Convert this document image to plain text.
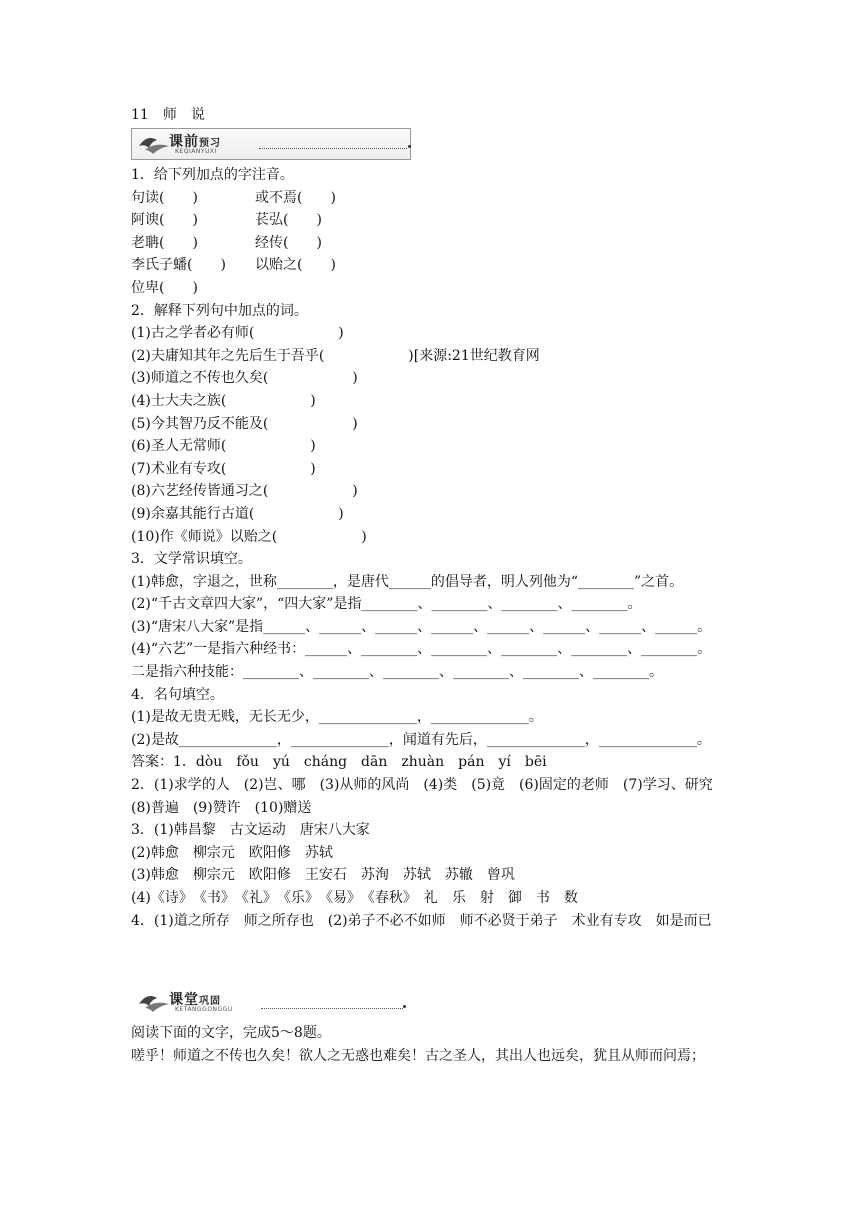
11　师　说
课前预习
KEQIANYUXI
1．给下列加点的字注音。
句读(　　)	或不焉(　　)
阿谀(　　)	苌弘(　　)
老聃(　　)	经传(　　)
李氏子蟠(　　) 以贻之(　　)
位卑(　　)
2．解释下列句中加点的词。
(1)古之学者必有师(　　　　　　)
(2)夫庸知其年之先后生于吾乎(　　　　　　)[来源:21世纪教育网
(3)师道之不传也久矣(　　　　　　)
(4)士大夫之族(　　　　　　)
(5)今其智乃反不能及(　　　　　　)
(6)圣人无常师(　　　　　　)
(7)术业有专攻(　　　　　　)
(8)六艺经传皆通习之(　　　　　　)
(9)余嘉其能行古道(　　　　　　)
(10)作《师说》以贻之(　　　　　　)
3．文学常识填空。
(1)韩愈，字退之，世称________，是唐代______的倡导者，明人列他为“________”之首。
(2)“千古文章四大家”，“四大家”是指________、________、________、________。
(3)“唐宋八大家”是指______、______、______、______、______、______、______、______。
(4)“六艺”一是指六种经书：______、________、________、________、________、________。
二是指六种技能：________、________、________、________、________、________。
4．名句填空。
(1)是故无贵无贱，无长无少，______________，______________。
(2)是故______________，______________，闻道有先后，______________，______________。
答案：1．dòu　fǒu　yú　cháng　dān　zhuàn　pán　yí　bēi
2．(1)求学的人　(2)岂、哪　(3)从师的风尚　(4)类　(5)竟　(6)固定的老师　(7)学习、研究　(8)普遍　(9)赞许　(10)赠送
3．(1)韩昌黎　古文运动　唐宋八大家
(2)韩愈　柳宗元　欧阳修　苏轼
(3)韩愈　柳宗元　欧阳修　王安石　苏洵　苏轼　苏辙　曾巩
(4)《诗》　《书》　《礼》　《乐》　《易》　《春秋》　礼　乐　射　御　书　数
4．(1)道之所存　师之所存也　(2)弟子不必不如师　师不必贤于弟子　术业有专攻　如是而已
课堂巩固
KETANGGONGGU
阅读下面的文字，完成5～8题。
嗟乎！师道之不传也久矣！欲人之无惑也难矣！古之圣人，其出人也远矣，犹且从师而问焉；
